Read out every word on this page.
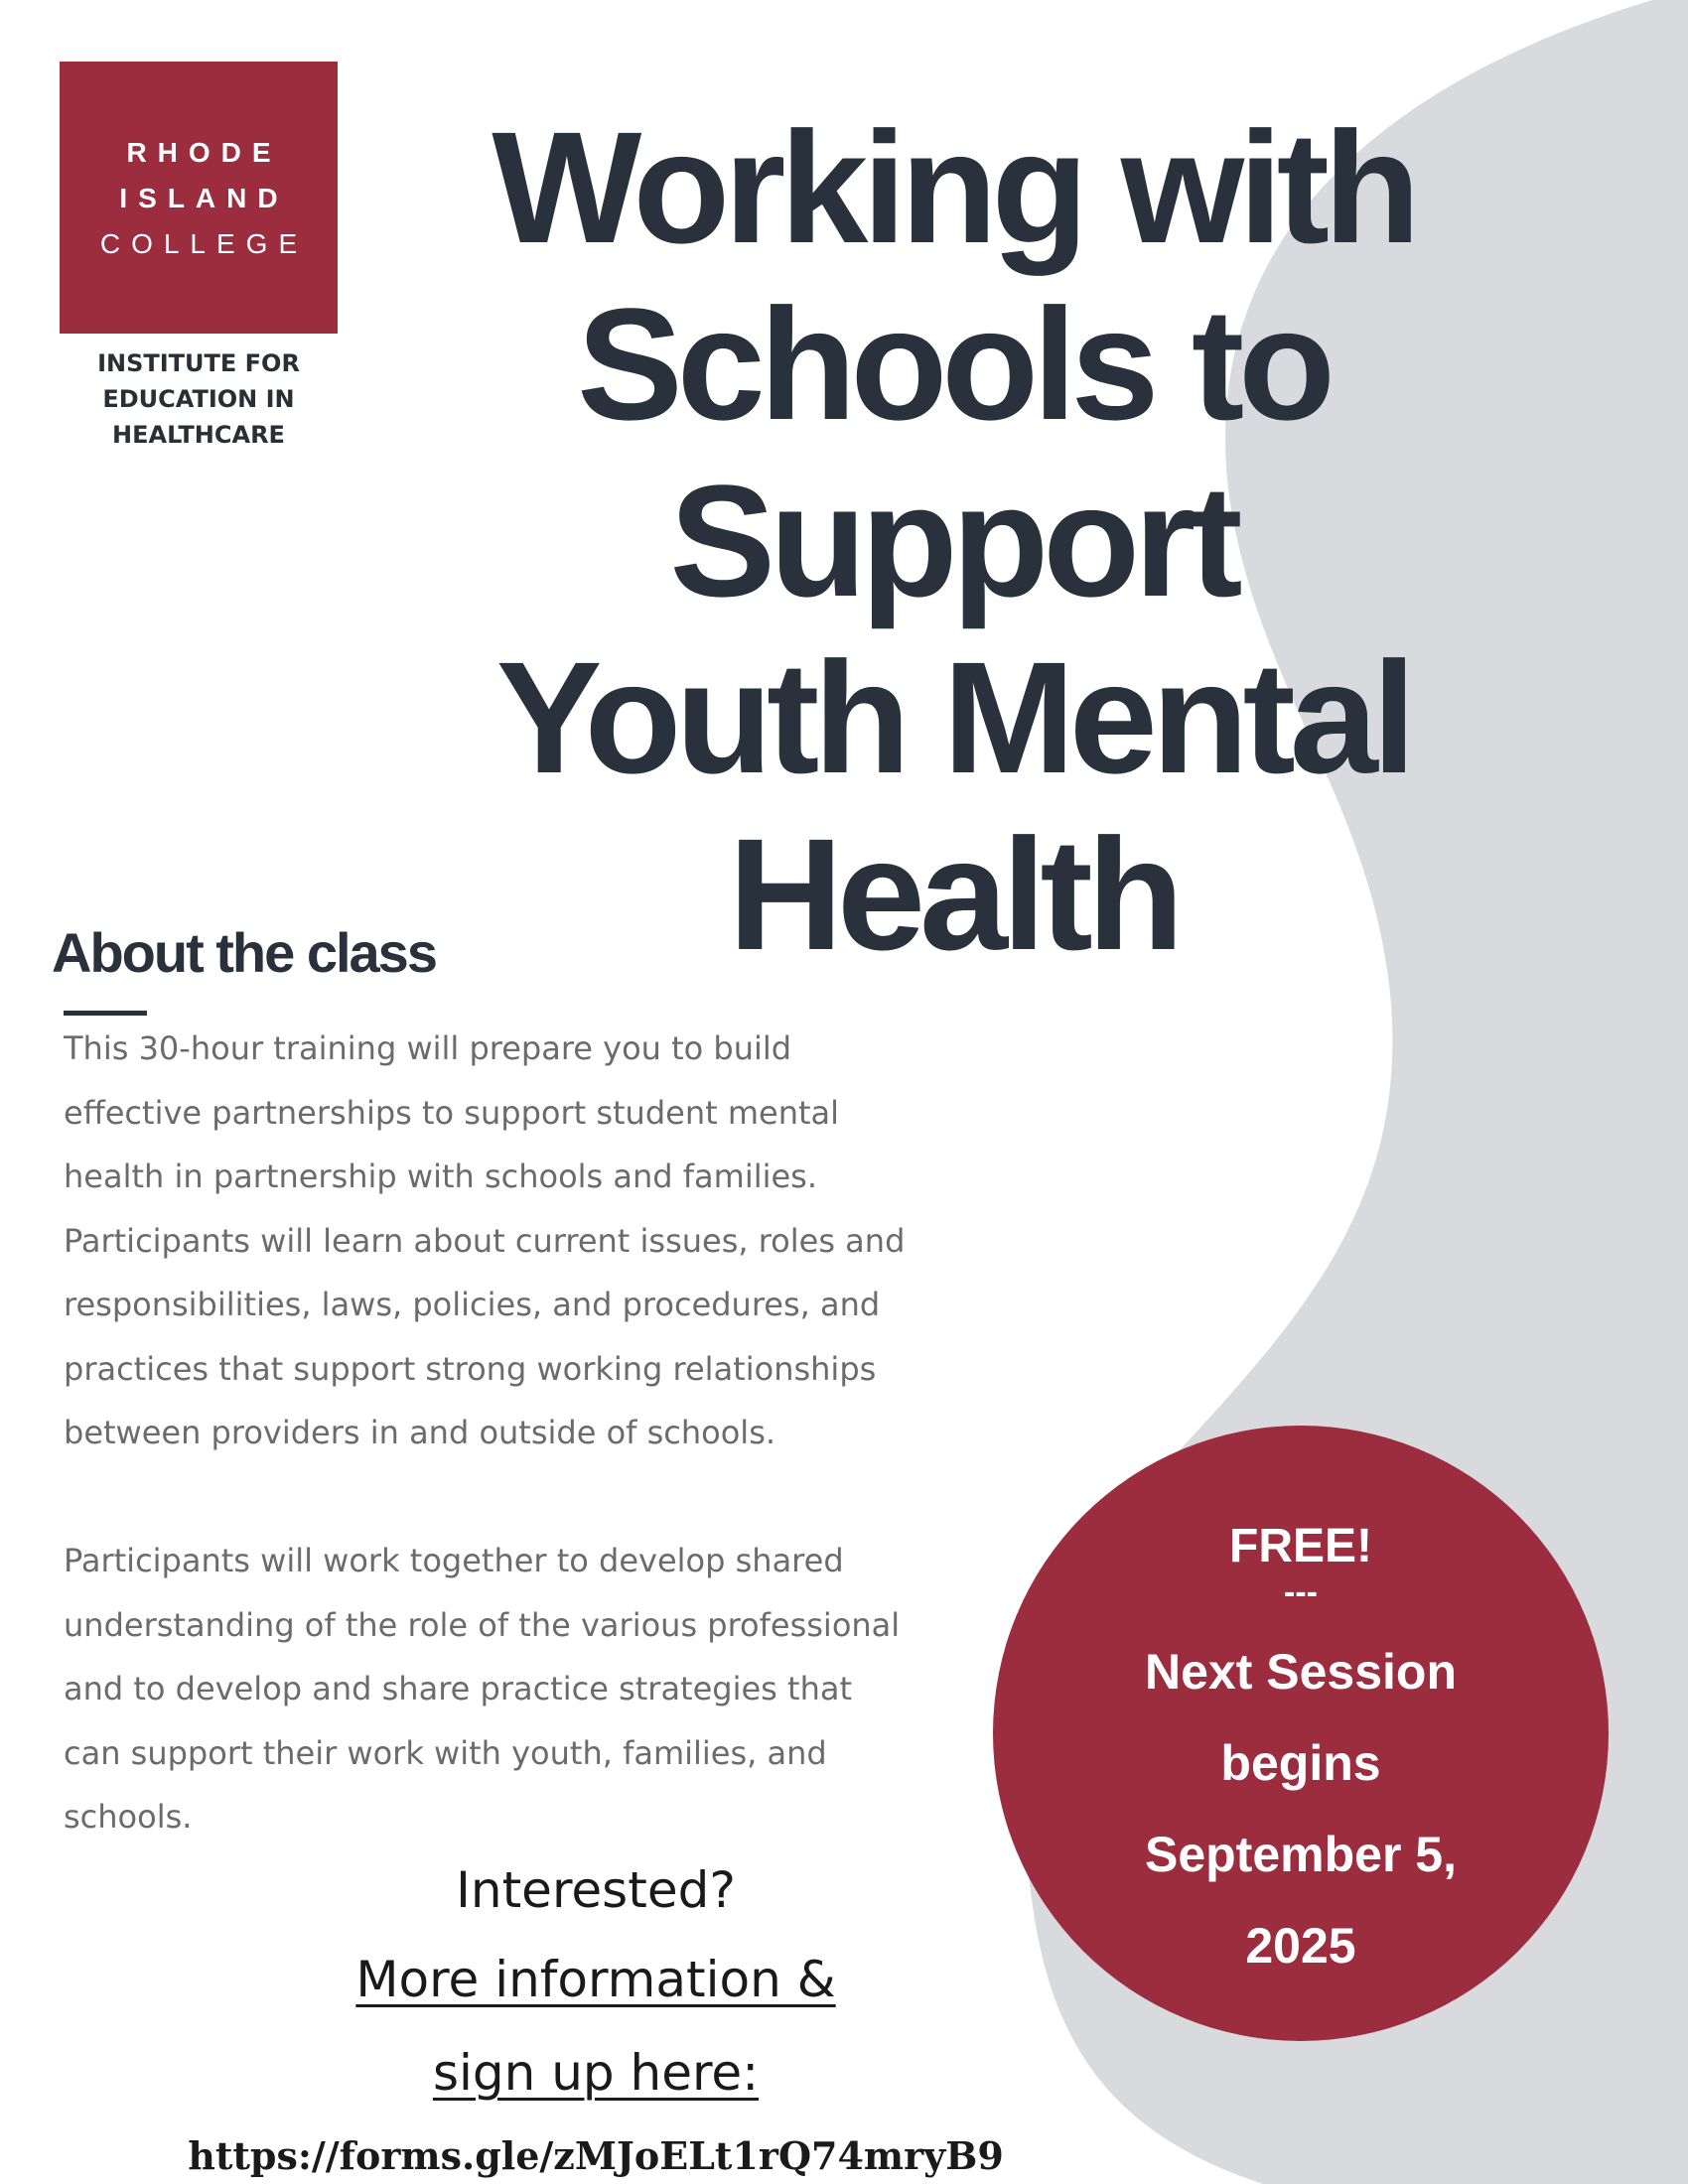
RHODE
ISLAND
COLLEGE
INSTITUTE FOR
EDUCATION IN
HEALTHCARE
Working with
Schools to
Support
Youth Mental
Health
About the class

This 30-hour training will prepare you to build
effective partnerships to support student mental
health in partnership with schools and families.
Participants will learn about current issues, roles and
responsibilities, laws, policies, and procedures, and
practices that support strong working relationships
between providers in and outside of schools.

Participants will work together to develop shared
understanding of the role of the various professional
and to develop and share practice strategies that
can support their work with youth, families, and
schools.

Interested?
More information &
sign up here:
https://forms.gle/zMJoELt1rQ74mryB9
FREE!
---
Next Session
begins
September 5,
2025
